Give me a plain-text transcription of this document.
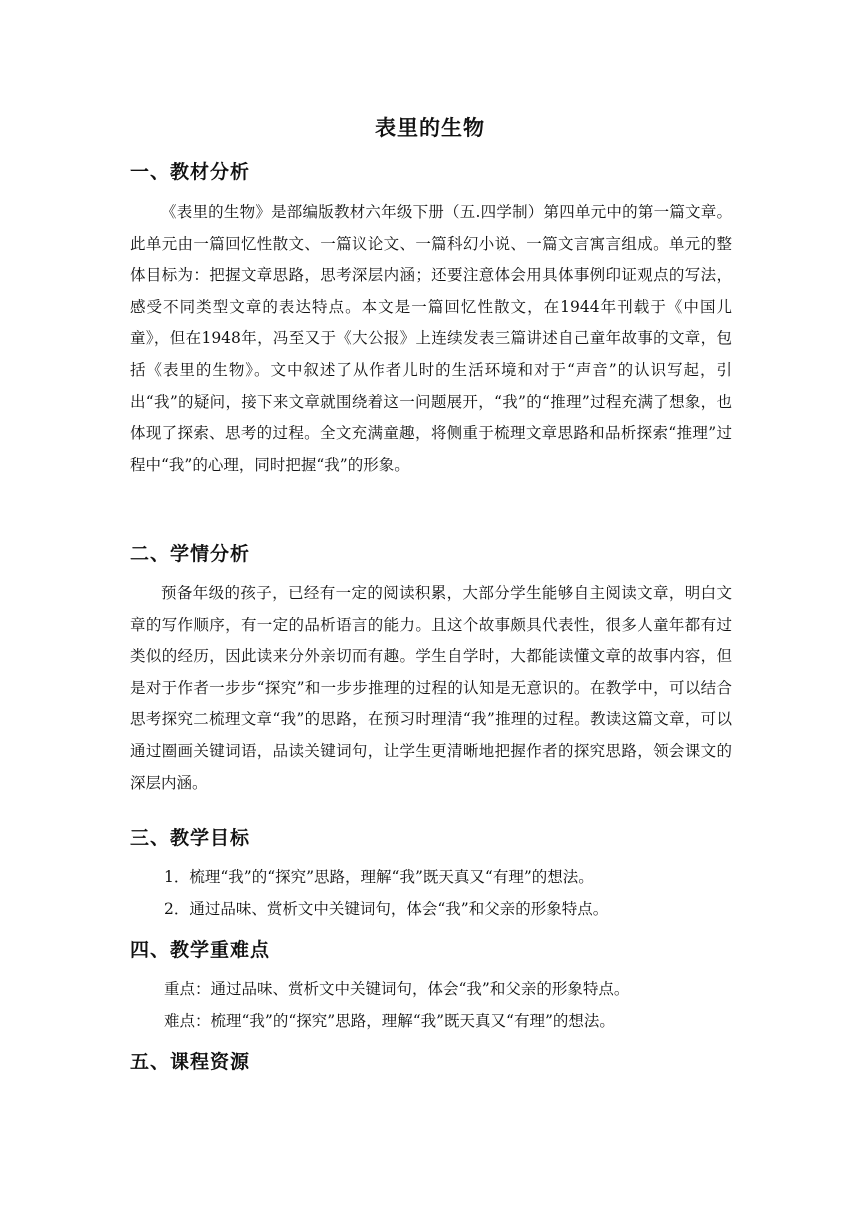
表里的生物
一、教材分析

《表里的生物》是部编版教材六年级下册（五.四学制）第四单元中的第一篇文章。此单元由一篇回忆性散文、一篇议论文、一篇科幻小说、一篇文言寓言组成。单元的整体目标为：把握文章思路，思考深层内涵；还要注意体会用具体事例印证观点的写法，感受不同类型文章的表达特点。本文是一篇回忆性散文，在1944年刊载于《中国儿童》，但在1948年，冯至又于《大公报》上连续发表三篇讲述自己童年故事的文章，包括《表里的生物》。文中叙述了从作者儿时的生活环境和对于“声音”的认识写起，引出“我”的疑问，接下来文章就围绕着这一问题展开，“我”的“推理”过程充满了想象，也体现了探索、思考的过程。全文充满童趣，将侧重于梳理文章思路和品析探索“推理”过程中“我”的心理，同时把握“我”的形象。

二、学情分析

预备年级的孩子，已经有一定的阅读积累，大部分学生能够自主阅读文章，明白文章的写作顺序，有一定的品析语言的能力。且这个故事颇具代表性，很多人童年都有过类似的经历，因此读来分外亲切而有趣。学生自学时，大都能读懂文章的故事内容，但是对于作者一步步“探究”和一步步推理的过程的认知是无意识的。在教学中，可以结合思考探究二梳理文章“我”的思路，在预习时理清“我”推理的过程。教读这篇文章，可以通过圈画关键词语，品读关键词句，让学生更清晰地把握作者的探究思路，领会课文的深层内涵。

三、教学目标
1．梳理“我”的“探究”思路，理解“我”既天真又“有理”的想法。
2．通过品味、赏析文中关键词句，体会“我”和父亲的形象特点。
四、教学重难点
重点：通过品味、赏析文中关键词句，体会“我”和父亲的形象特点。
难点：梳理“我”的“探究”思路，理解“我”既天真又“有理”的想法。
五、课程资源
